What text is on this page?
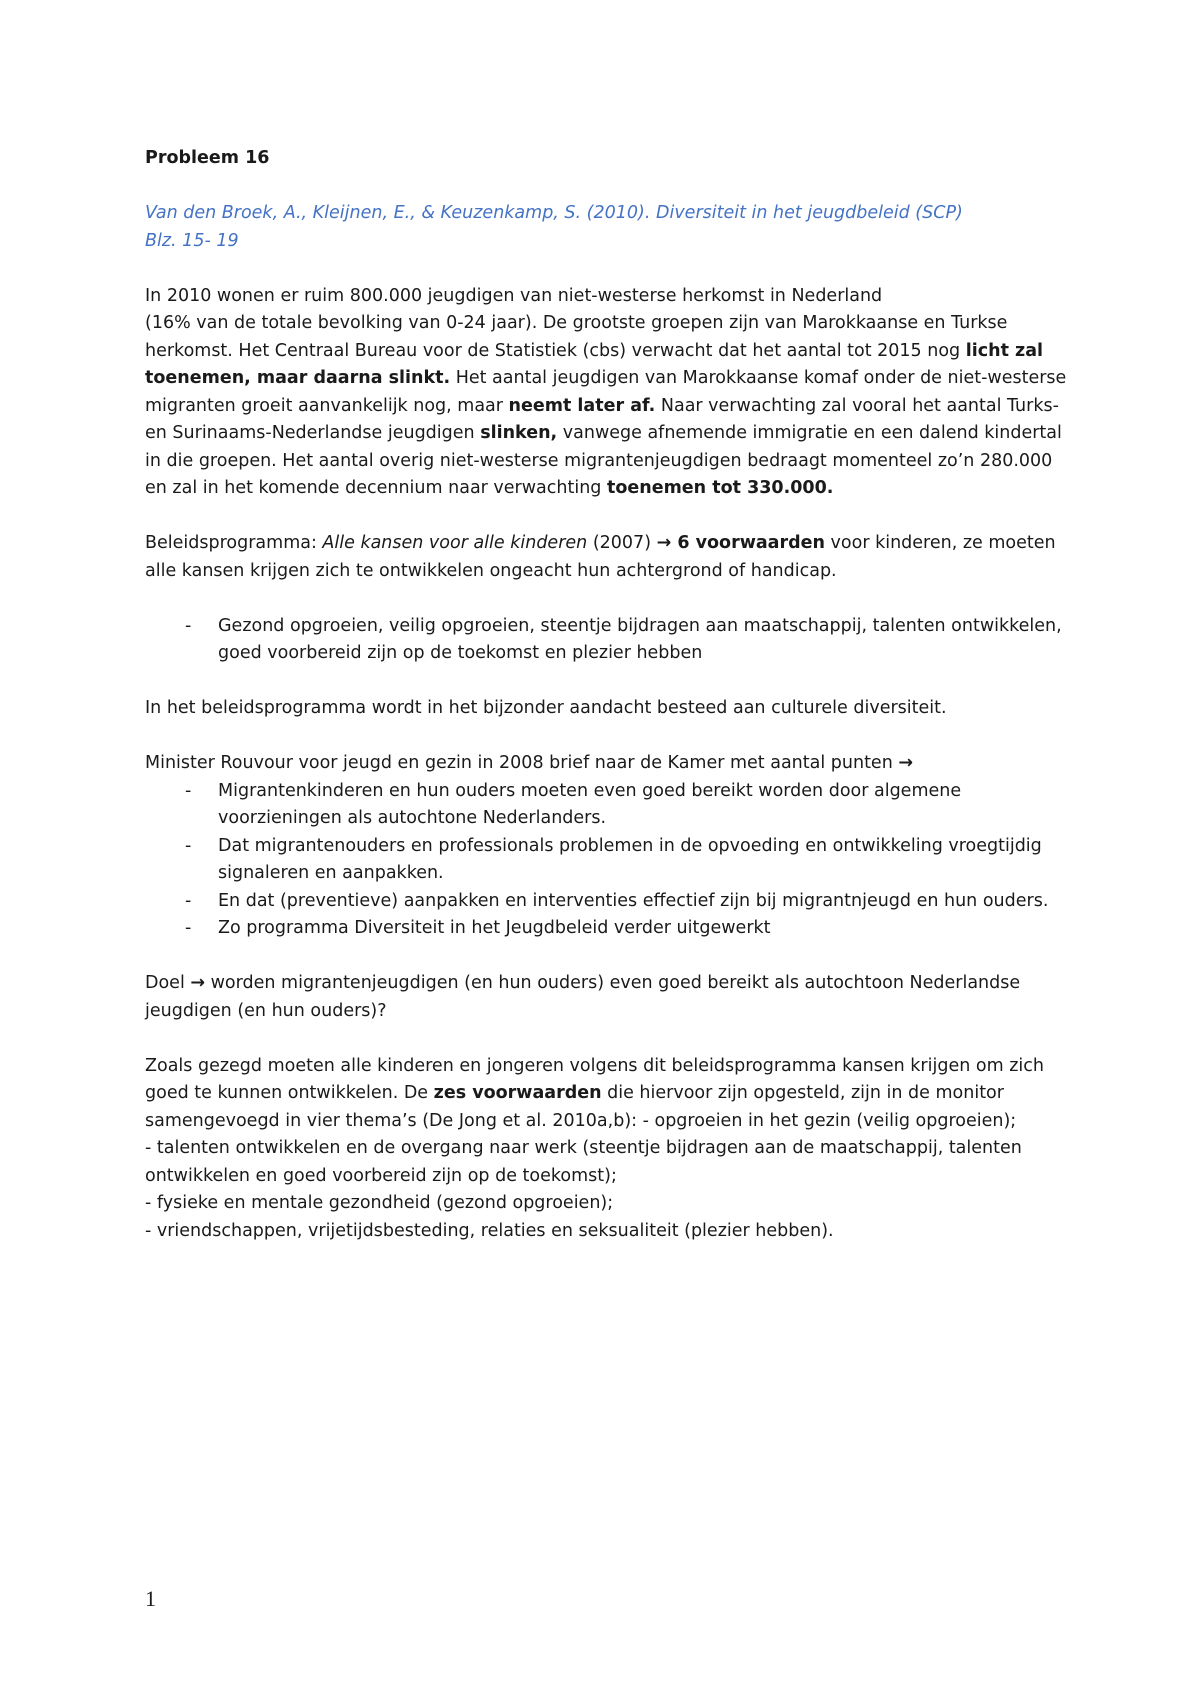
Probleem 16

Van den Broek, A., Kleijnen, E., & Keuzenkamp, S. (2010). Diversiteit in het jeugdbeleid (SCP)

Blz. 15- 19

In 2010 wonen er ruim 800.000 jeugdigen van niet-westerse herkomst in Nederland

(16% van de totale bevolking van 0-24 jaar). De grootste groepen zijn van Marokkaanse en Turkse herkomst. Het Centraal Bureau voor de Statistiek (cbs) verwacht dat het aantal tot 2015 nog licht zal toenemen, maar daarna slinkt. Het aantal jeugdigen van Marokkaanse komaf onder de niet-westerse migranten groeit aanvankelijk nog, maar neemt later af. Naar verwachting zal vooral het aantal Turks- en Surinaams-Nederlandse jeugdigen slinken, vanwege afnemende immigratie en een dalend kindertal in die groepen. Het aantal overig niet-westerse migrantenjeugdigen bedraagt momenteel zo’n 280.000 en zal in het komende decennium naar verwachting toenemen tot 330.000.

Beleidsprogramma: Alle kansen voor alle kinderen (2007) → 6 voorwaarden voor kinderen, ze moeten alle kansen krijgen zich te ontwikkelen ongeacht hun achtergrond of handicap.

- Gezond opgroeien, veilig opgroeien, steentje bijdragen aan maatschappij, talenten ontwikkelen, goed voorbereid zijn op de toekomst en plezier hebben

In het beleidsprogramma wordt in het bijzonder aandacht besteed aan culturele diversiteit.

Minister Rouvour voor jeugd en gezin in 2008 brief naar de Kamer met aantal punten →

- Migrantenkinderen en hun ouders moeten even goed bereikt worden door algemene voorzieningen als autochtone Nederlanders.
- Dat migrantenouders en professionals problemen in de opvoeding en ontwikkeling vroegtijdig signaleren en aanpakken.
- En dat (preventieve) aanpakken en interventies effectief zijn bij migrantnjeugd en hun ouders.
- Zo programma Diversiteit in het Jeugdbeleid verder uitgewerkt

Doel → worden migrantenjeugdigen (en hun ouders) even goed bereikt als autochtoon Nederlandse jeugdigen (en hun ouders)?

Zoals gezegd moeten alle kinderen en jongeren volgens dit beleidsprogramma kansen krijgen om zich goed te kunnen ontwikkelen. De zes voorwaarden die hiervoor zijn opgesteld, zijn in de monitor samengevoegd in vier thema’s (De Jong et al. 2010a,b): - opgroeien in het gezin (veilig opgroeien);

- talenten ontwikkelen en de overgang naar werk (steentje bijdragen aan de maatschappij, talenten ontwikkelen en goed voorbereid zijn op de toekomst);

- fysieke en mentale gezondheid (gezond opgroeien);

- vriendschappen, vrijetijdsbesteding, relaties en seksualiteit (plezier hebben).

1
